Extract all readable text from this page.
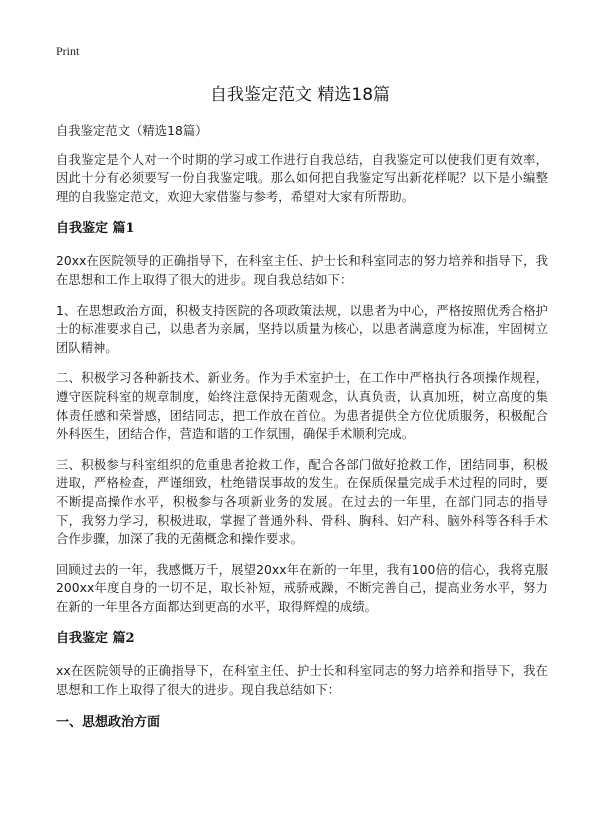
Print
自我鉴定范文 精选18篇

自我鉴定范文（精选18篇）

自我鉴定是个人对一个时期的学习或工作进行自我总结，自我鉴定可以使我们更有效率，因此十分有必须要写一份自我鉴定哦。那么如何把自我鉴定写出新花样呢？以下是小编整理的自我鉴定范文，欢迎大家借鉴与参考，希望对大家有所帮助。

自我鉴定 篇1

20xx在医院领导的正确指导下，在科室主任、护士长和科室同志的努力培养和指导下，我在思想和工作上取得了很大的进步。现自我总结如下：

1、在思想政治方面，积极支持医院的各项政策法规，以患者为中心，严格按照优秀合格护士的标准要求自己，以患者为亲属，坚持以质量为核心，以患者满意度为标准，牢固树立团队精神。

二、积极学习各种新技术、新业务。作为手术室护士，在工作中严格执行各项操作规程，遵守医院科室的规章制度，始终注意保持无菌观念，认真负责，认真加班，树立高度的集体责任感和荣誉感，团结同志，把工作放在首位。为患者提供全方位优质服务，积极配合外科医生，团结合作，营造和谐的工作氛围，确保手术顺利完成。

三、积极参与科室组织的危重患者抢救工作，配合各部门做好抢救工作，团结同事，积极进取，严格检查，严谨细致，杜绝错误事故的发生。在保质保量完成手术过程的同时，要不断提高操作水平，积极参与各项新业务的发展。在过去的一年里，在部门同志的指导下，我努力学习，积极进取，掌握了普通外科、骨科、胸科、妇产科、脑外科等各科手术合作步骤，加深了我的无菌概念和操作要求。

回顾过去的一年，我感慨万千，展望20xx年在新的一年里，我有100倍的信心，我将克服200xx年度自身的一切不足，取长补短，戒骄戒躁，不断完善自己，提高业务水平，努力在新的一年里各方面都达到更高的水平，取得辉煌的成绩。

自我鉴定 篇2

xx在医院领导的正确指导下，在科室主任、护士长和科室同志的努力培养和指导下，我在思想和工作上取得了很大的进步。现自我总结如下：

一、思想政治方面
